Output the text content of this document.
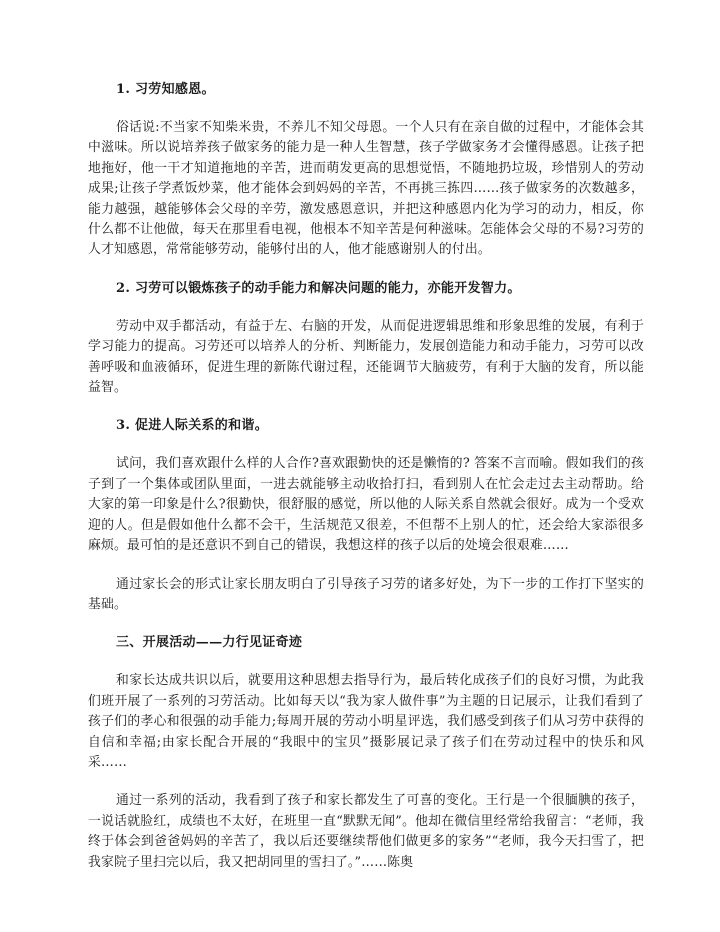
1. 习劳知感恩。
俗话说:不当家不知柴米贵，不养儿不知父母恩。一个人只有在亲自做的过程中，才能体会其中滋味。所以说培养孩子做家务的能力是一种人生智慧，孩子学做家务才会懂得感恩。让孩子把地拖好，他一干才知道拖地的辛苦，进而萌发更高的思想觉悟，不随地扔垃圾，珍惜别人的劳动成果;让孩子学煮饭炒菜，他才能体会到妈妈的辛苦，不再挑三拣四……孩子做家务的次数越多，能力越强，越能够体会父母的辛劳，激发感恩意识，并把这种感恩内化为学习的动力，相反，你什么都不让他做，每天在那里看电视，他根本不知辛苦是何种滋味。怎能体会父母的不易?习劳的人才知感恩，常常能够劳动，能够付出的人，他才能感谢别人的付出。
2. 习劳可以锻炼孩子的动手能力和解决问题的能力，亦能开发智力。
劳动中双手都活动，有益于左、右脑的开发，从而促进逻辑思维和形象思维的发展，有利于学习能力的提高。习劳还可以培养人的分析、判断能力，发展创造能力和动手能力，习劳可以改善呼吸和血液循环，促进生理的新陈代谢过程，还能调节大脑疲劳，有利于大脑的发育，所以能益智。
3. 促进人际关系的和谐。
试问，我们喜欢跟什么样的人合作?喜欢跟勤快的还是懒惰的? 答案不言而喻。假如我们的孩子到了一个集体或团队里面，一进去就能够主动收拾打扫，看到别人在忙会走过去主动帮助。给大家的第一印象是什么?很勤快，很舒服的感觉，所以他的人际关系自然就会很好。成为一个受欢迎的人。但是假如他什么都不会干，生活规范又很差，不但帮不上别人的忙，还会给大家添很多麻烦。最可怕的是还意识不到自己的错误，我想这样的孩子以后的处境会很艰难……
通过家长会的形式让家长朋友明白了引导孩子习劳的诸多好处，为下一步的工作打下坚实的基础。
三、开展活动——力行见证奇迹
和家长达成共识以后，就要用这种思想去指导行为，最后转化成孩子们的良好习惯，为此我们班开展了一系列的习劳活动。比如每天以“我为家人做件事”为主题的日记展示，让我们看到了孩子们的孝心和很强的动手能力;每周开展的劳动小明星评选，我们感受到孩子们从习劳中获得的自信和幸福;由家长配合开展的“我眼中的宝贝”摄影展记录了孩子们在劳动过程中的快乐和风采……
通过一系列的活动，我看到了孩子和家长都发生了可喜的变化。王行是一个很腼腆的孩子，一说话就脸红，成绩也不太好，在班里一直“默默无闻”。他却在微信里经常给我留言：“老师，我终于体会到爸爸妈妈的辛苦了，我以后还要继续帮他们做更多的家务”“老师，我今天扫雪了，把我家院子里扫完以后，我又把胡同里的雪扫了。”……陈奥
